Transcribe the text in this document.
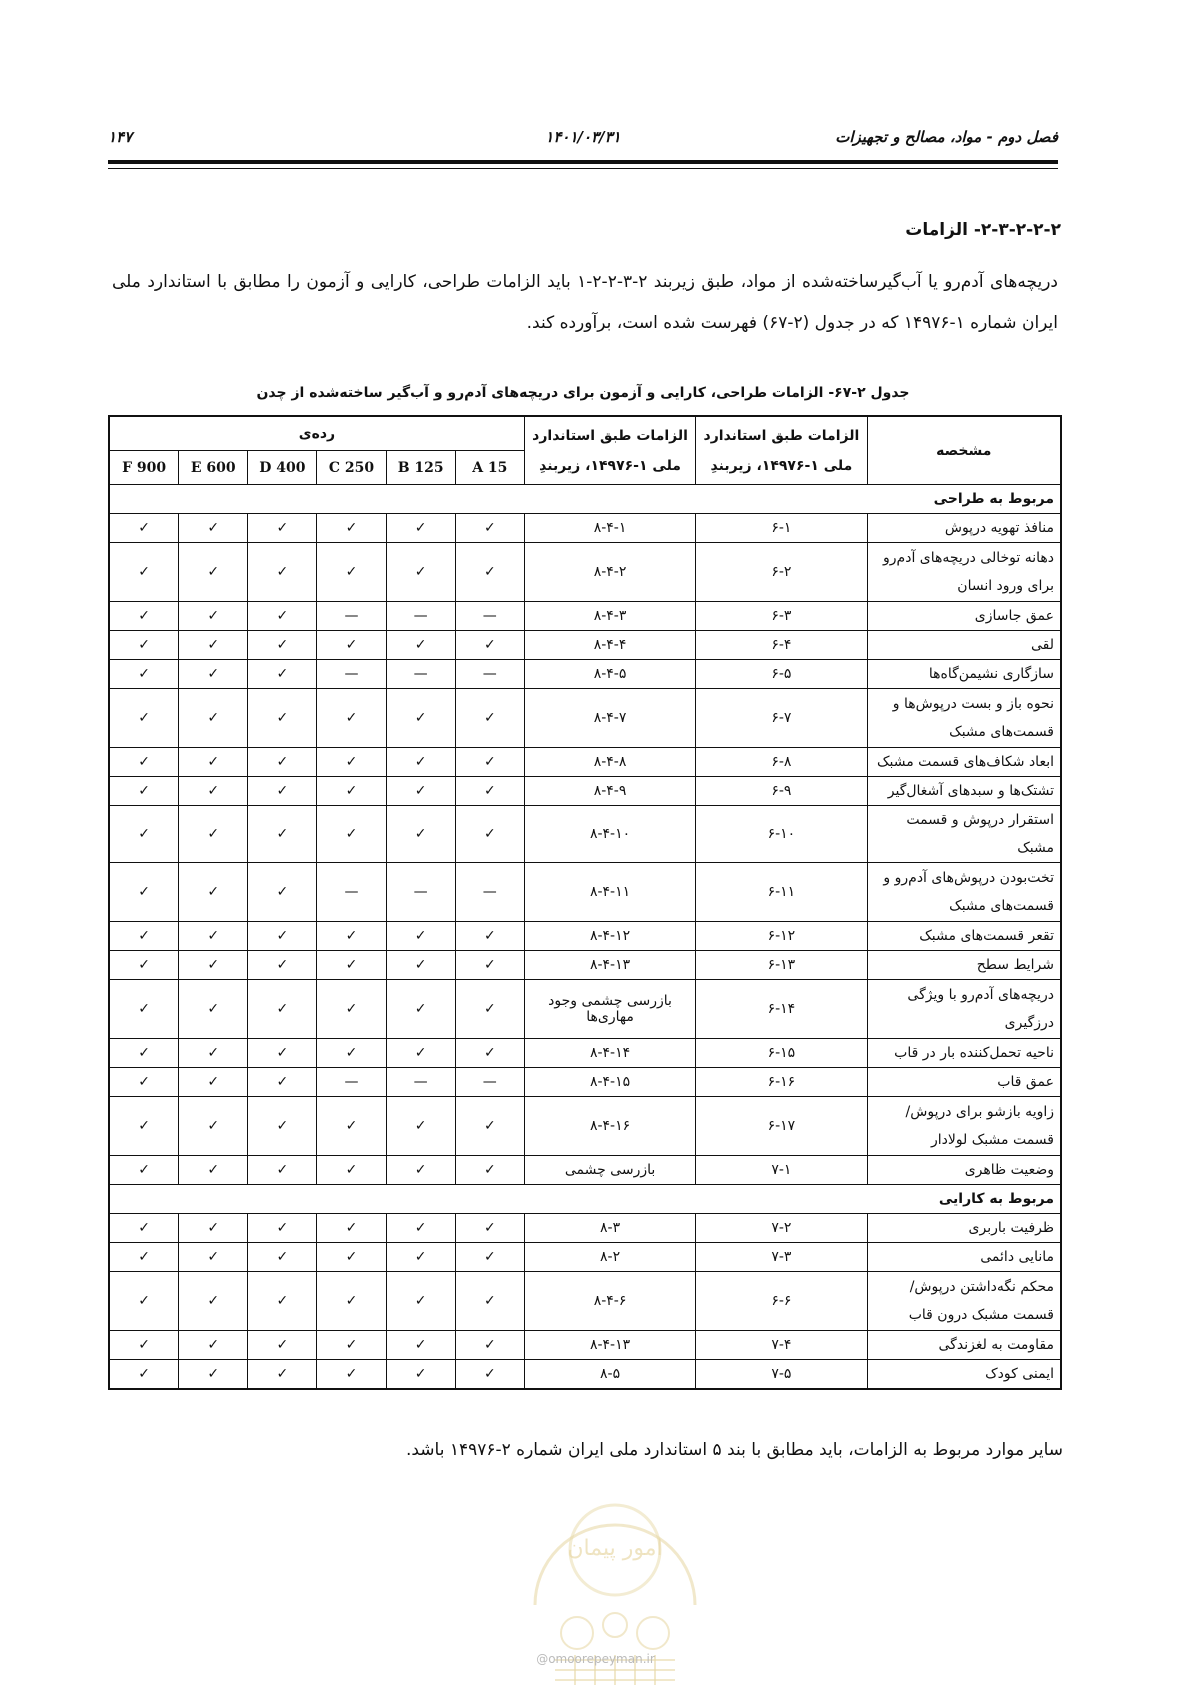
فصل دوم - مواد، مصالح و تجهیزات
۱۴۰۱/۰۳/۳۱
۱۴۷
۲-۳-۲-۲-۲- الزامات
دریچه‌های آدم‌رو یا آب‌گیرساخته‌شده از مواد، طبق زیربند ۲-۳-۲-۲-۱ باید الزامات طراحی، کارایی و آزمون را مطابق با استاندارد ملی ایران شماره ۱-۱۴۹۷۶ که در جدول (۲-۶۷) فهرست شده است، برآورده کند.
جدول ۲-۶۷- الزامات طراحی، کارایی و آزمون برای دریچه‌های آدم‌رو و آب‌گیر ساخته‌شده از چدن
مشخصه	الزامات طبق استاندارد ملی ۱-۱۴۹۷۶، زیربندِ	الزامات طبق استاندارد ملی ۱-۱۴۹۷۶، زیربندِ	رده‌ی					
			A 15	B 125	C 250	D 400	E 600	F 900
مربوط به طراحی								
منافذ تهویه درپوش	۶-۱	۸-۴-۱	✓	✓	✓	✓	✓	✓
دهانه توخالی دریچه‌های آدم‌رو برای ورود انسان	۶-۲	۸-۴-۲	✓	✓	✓	✓	✓	✓
عمق جاسازی	۶-۳	۸-۴-۳	—	—	—	✓	✓	✓
لقی	۶-۴	۸-۴-۴	✓	✓	✓	✓	✓	✓
سازگاری نشیمن‌گاه‌ها	۶-۵	۸-۴-۵	—	—	—	✓	✓	✓
نحوه باز و بست درپوش‌ها و قسمت‌های مشبک	۶-۷	۸-۴-۷	✓	✓	✓	✓	✓	✓
ابعاد شکاف‌های قسمت مشبک	۶-۸	۸-۴-۸	✓	✓	✓	✓	✓	✓
تشتک‌ها و سبدهای آشغال‌گیر	۶-۹	۸-۴-۹	✓	✓	✓	✓	✓	✓
استقرار درپوش و قسمت مشبک	۶-۱۰	۸-۴-۱۰	✓	✓	✓	✓	✓	✓
تخت‌بودن درپوش‌های آدم‌رو و قسمت‌های مشبک	۶-۱۱	۸-۴-۱۱	—	—	—	✓	✓	✓
تقعر قسمت‌های مشبک	۶-۱۲	۸-۴-۱۲	✓	✓	✓	✓	✓	✓
شرایط سطح	۶-۱۳	۸-۴-۱۳	✓	✓	✓	✓	✓	✓
دریچه‌های آدم‌رو با ویژگی درزگیری	۶-۱۴	بازرسی چشمی وجود مهاری‌ها	✓	✓	✓	✓	✓	✓
ناحیه تحمل‌کننده بار در قاب	۶-۱۵	۸-۴-۱۴	✓	✓	✓	✓	✓	✓
عمق قاب	۶-۱۶	۸-۴-۱۵	—	—	—	✓	✓	✓
زاویه بازشو برای درپوش/قسمت مشبک لولادار	۶-۱۷	۸-۴-۱۶	✓	✓	✓	✓	✓	✓
وضعیت ظاهری	۷-۱	بازرسی چشمی	✓	✓	✓	✓	✓	✓
مربوط به کارایی								
ظرفیت باربری	۷-۲	۸-۳	✓	✓	✓	✓	✓	✓
مانایی دائمی	۷-۳	۸-۲	✓	✓	✓	✓	✓	✓
محکم نگه‌داشتن درپوش/قسمت مشبک درون قاب	۶-۶	۸-۴-۶	✓	✓	✓	✓	✓	✓
مقاومت به لغزندگی	۷-۴	۸-۴-۱۳	✓	✓	✓	✓	✓	✓
ایمنی کودک	۷-۵	۸-۵	✓	✓	✓	✓	✓	✓
سایر موارد مربوط به الزامات، باید مطابق با بند ۵ استاندارد ملی ایران شماره ۲-۱۴۹۷۶ باشد.
امور پیمان
@omoorepeyman.ir
